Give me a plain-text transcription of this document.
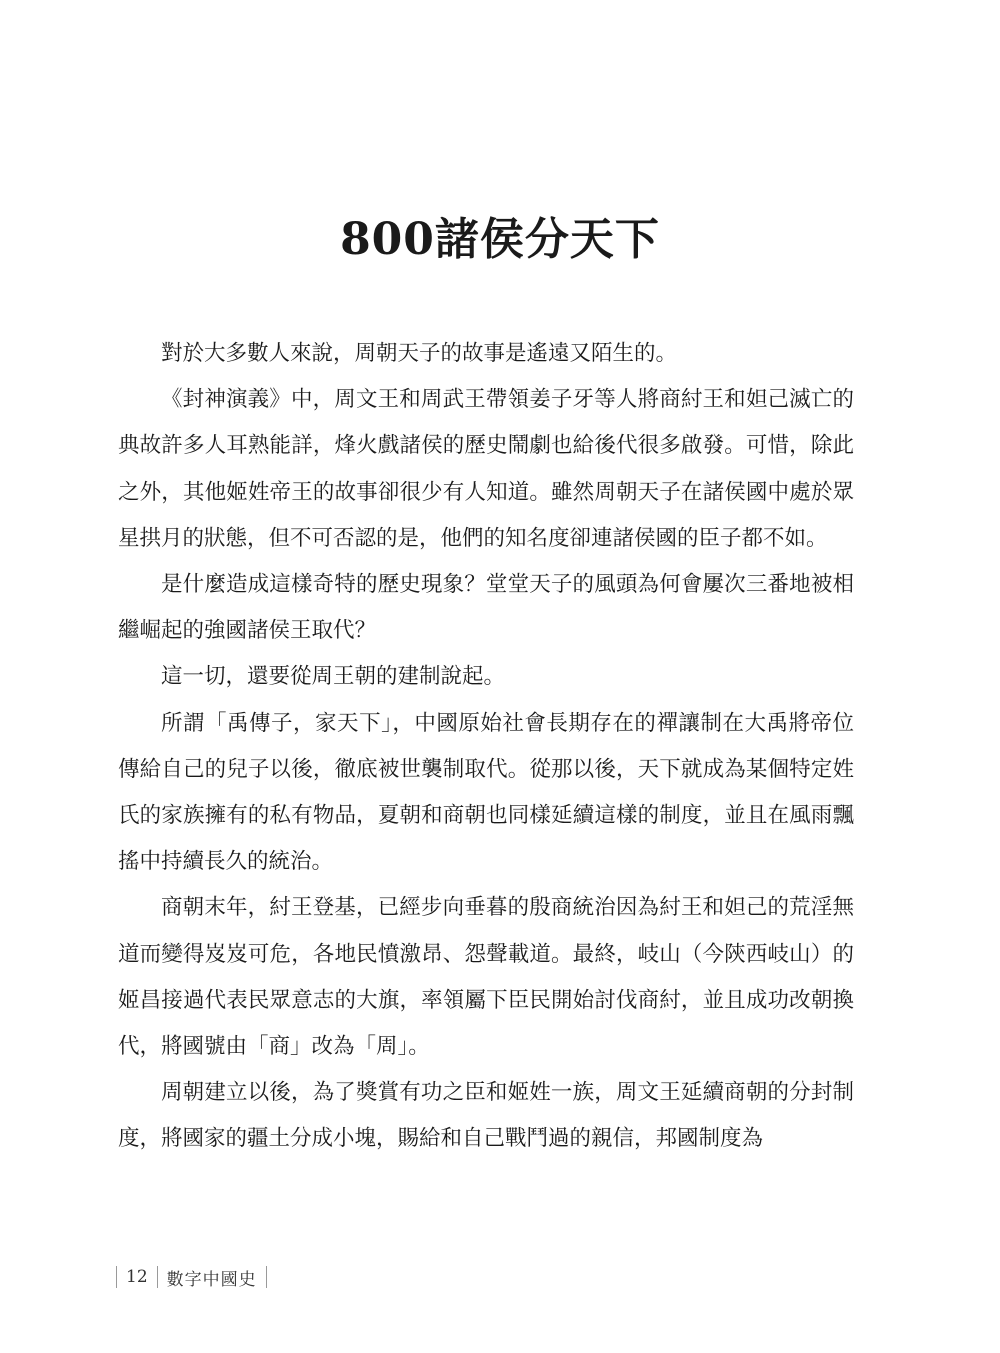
800諸侯分天下

對於大多數人來說，周朝天子的故事是遙遠又陌生的。

《封神演義》中，周文王和周武王帶領姜子牙等人將商紂王和妲己滅亡的典故許多人耳熟能詳，烽火戲諸侯的歷史鬧劇也給後代很多啟發。可惜，除此之外，其他姬姓帝王的故事卻很少有人知道。雖然周朝天子在諸侯國中處於眾星拱月的狀態，但不可否認的是，他們的知名度卻連諸侯國的臣子都不如。

是什麼造成這樣奇特的歷史現象？堂堂天子的風頭為何會屢次三番地被相繼崛起的強國諸侯王取代？

這一切，還要從周王朝的建制說起。

所謂「禹傳子，家天下」，中國原始社會長期存在的禪讓制在大禹將帝位傳給自己的兒子以後，徹底被世襲制取代。從那以後，天下就成為某個特定姓氏的家族擁有的私有物品，夏朝和商朝也同樣延續這樣的制度，並且在風雨飄搖中持續長久的統治。

商朝末年，紂王登基，已經步向垂暮的殷商統治因為紂王和妲己的荒淫無道而變得岌岌可危，各地民憤激昂、怨聲載道。最終，岐山（今陝西岐山）的姬昌接過代表民眾意志的大旗，率領屬下臣民開始討伐商紂，並且成功改朝換代，將國號由「商」改為「周」。

周朝建立以後，為了獎賞有功之臣和姬姓一族，周文王延續商朝的分封制度，將國家的疆土分成小塊，賜給和自己戰鬥過的親信，邦國制度為

12	數字中國史
